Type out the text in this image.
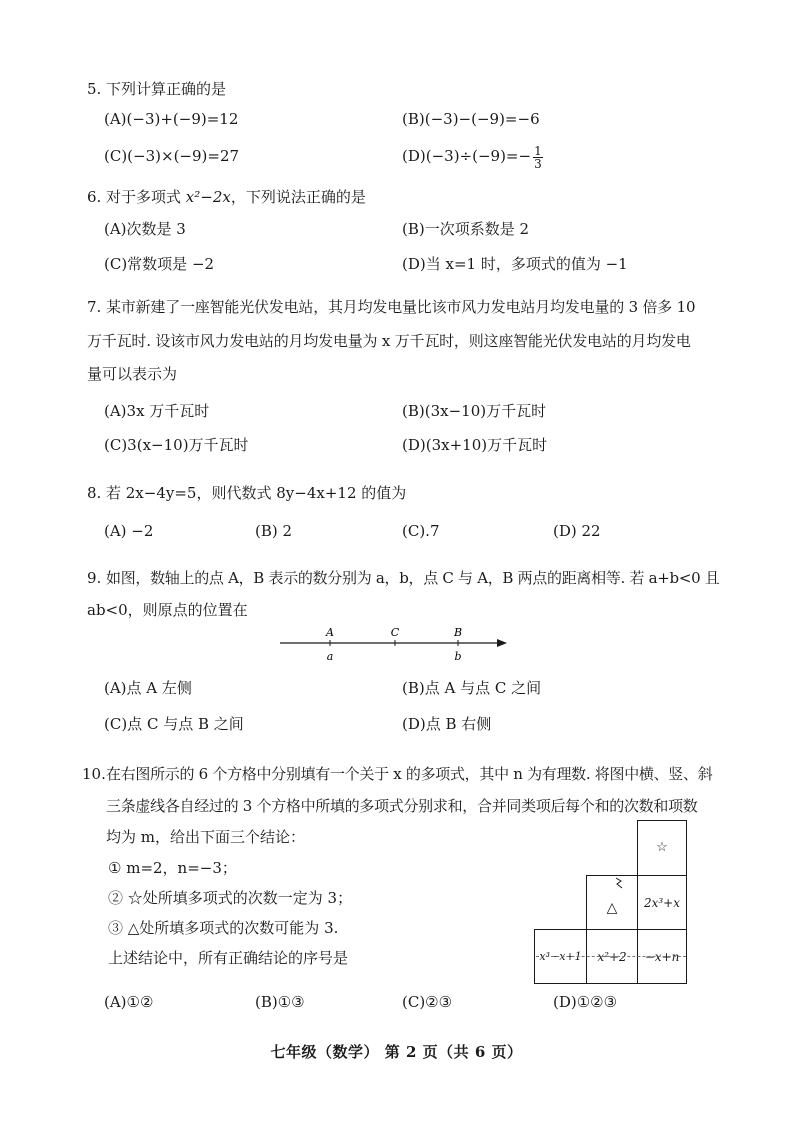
5. 下列计算正确的是
(A)(−3)+(−9)=12	(B)(−3)−(−9)=−6
(C)(−3)×(−9)=27	$(D)(-3)\div(-9)=- \frac{1}{3}$
6. 对于多项式 x²−2x，下列说法正确的是
(A)次数是 3	(B)一次项系数是 2
(C)常数项是 −2	(D)当 x=1 时，多项式的值为 −1
7. 某市新建了一座智能光伏发电站，其月均发电量比该市风力发电站月均发电量的 3 倍多 10
万千瓦时. 设该市风力发电站的月均发电量为 x 万千瓦时，则这座智能光伏发电站的月均发电
量可以表示为
(A)3x 万千瓦时	(B)(3x−10)万千瓦时
(C)3(x−10)万千瓦时	(D)(3x+10)万千瓦时
8. 若 2x−4y=5，则代数式 8y−4x+12 的值为
(A) −2	(B) 2	(C).7	(D) 22
9. 如图，数轴上的点 A，B 表示的数分别为 a，b，点 C 与 A，B 两点的距离相等. 若 a+b<0 且
ab<0，则原点的位置在
A	C	B
a	b
(A)点 A 左侧	(B)点 A 与点 C 之间
(C)点 C 与点 B 之间	(D)点 B 右侧
10. 在右图所示的 6 个方格中分别填有一个关于 x 的多项式，其中 n 为有理数. 将图中横、竖、斜
三条虚线各自经过的 3 个方格中所填的多项式分别求和，合并同类项后每个和的次数和项数
均为 m，给出下面三个结论：
① m=2，n=−3；
② ☆处所填多项式的次数一定为 3；
③ △处所填多项式的次数可能为 3.
上述结论中，所有正确结论的序号是
☆
△ 2x³+x
x³−x+1 x²+2 −x+n
(A)①②	(B)①③	(C)②③	(D)①②③
七年级（数学） 第 2 页（共 6 页）
